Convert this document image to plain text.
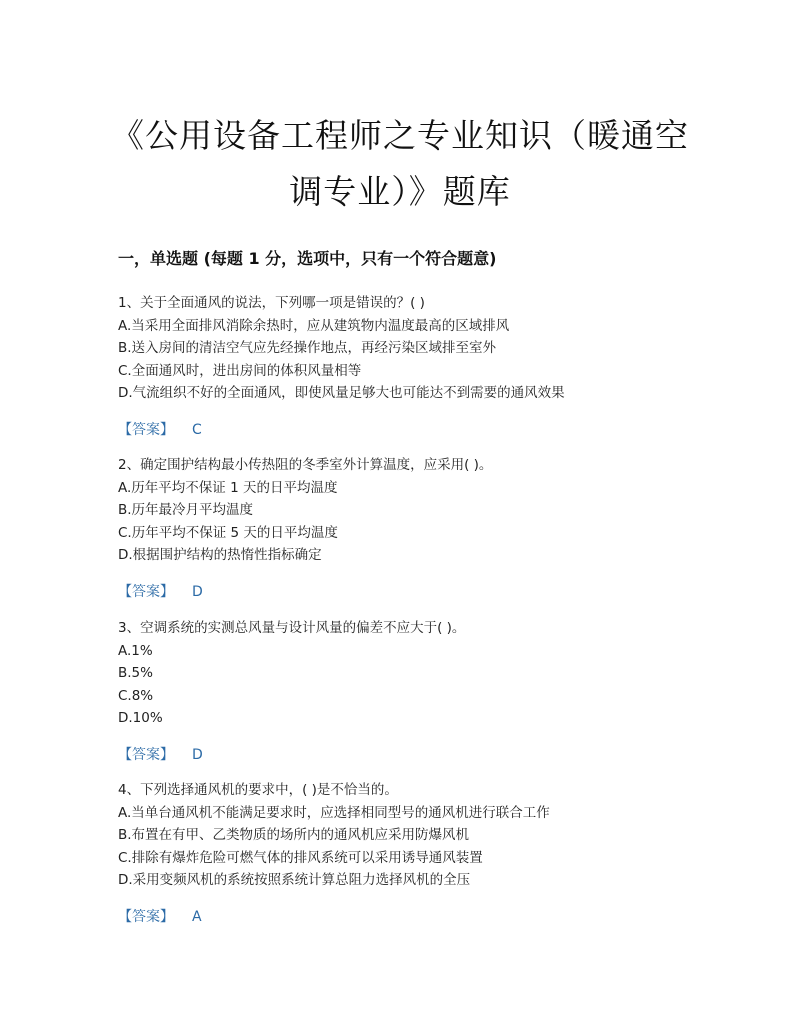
《公用设备工程师之专业知识（暖通空调专业）》题库
一，单选题 (每题 1 分，选项中，只有一个符合题意)
1、关于全面通风的说法，下列哪一项是错误的？( )
A.当采用全面排风消除余热时，应从建筑物内温度最高的区域排风
B.送入房间的清洁空气应先经操作地点，再经污染区域排至室外
C.全面通风时，进出房间的体积风量相等
D.气流组织不好的全面通风，即使风量足够大也可能达不到需要的通风效果
【答案】 C
2、确定围护结构最小传热阻的冬季室外计算温度，应采用( )。
A.历年平均不保证 1 天的日平均温度
B.历年最冷月平均温度
C.历年平均不保证 5 天的日平均温度
D.根据围护结构的热惰性指标确定
【答案】 D
3、空调系统的实测总风量与设计风量的偏差不应大于( )。
A.1%
B.5%
C.8%
D.10%
【答案】 D
4、下列选择通风机的要求中，( )是不恰当的。
A.当单台通风机不能满足要求时，应选择相同型号的通风机进行联合工作
B.布置在有甲、乙类物质的场所内的通风机应采用防爆风机
C.排除有爆炸危险可燃气体的排风系统可以采用诱导通风装置
D.采用变频风机的系统按照系统计算总阻力选择风机的全压
【答案】 A
